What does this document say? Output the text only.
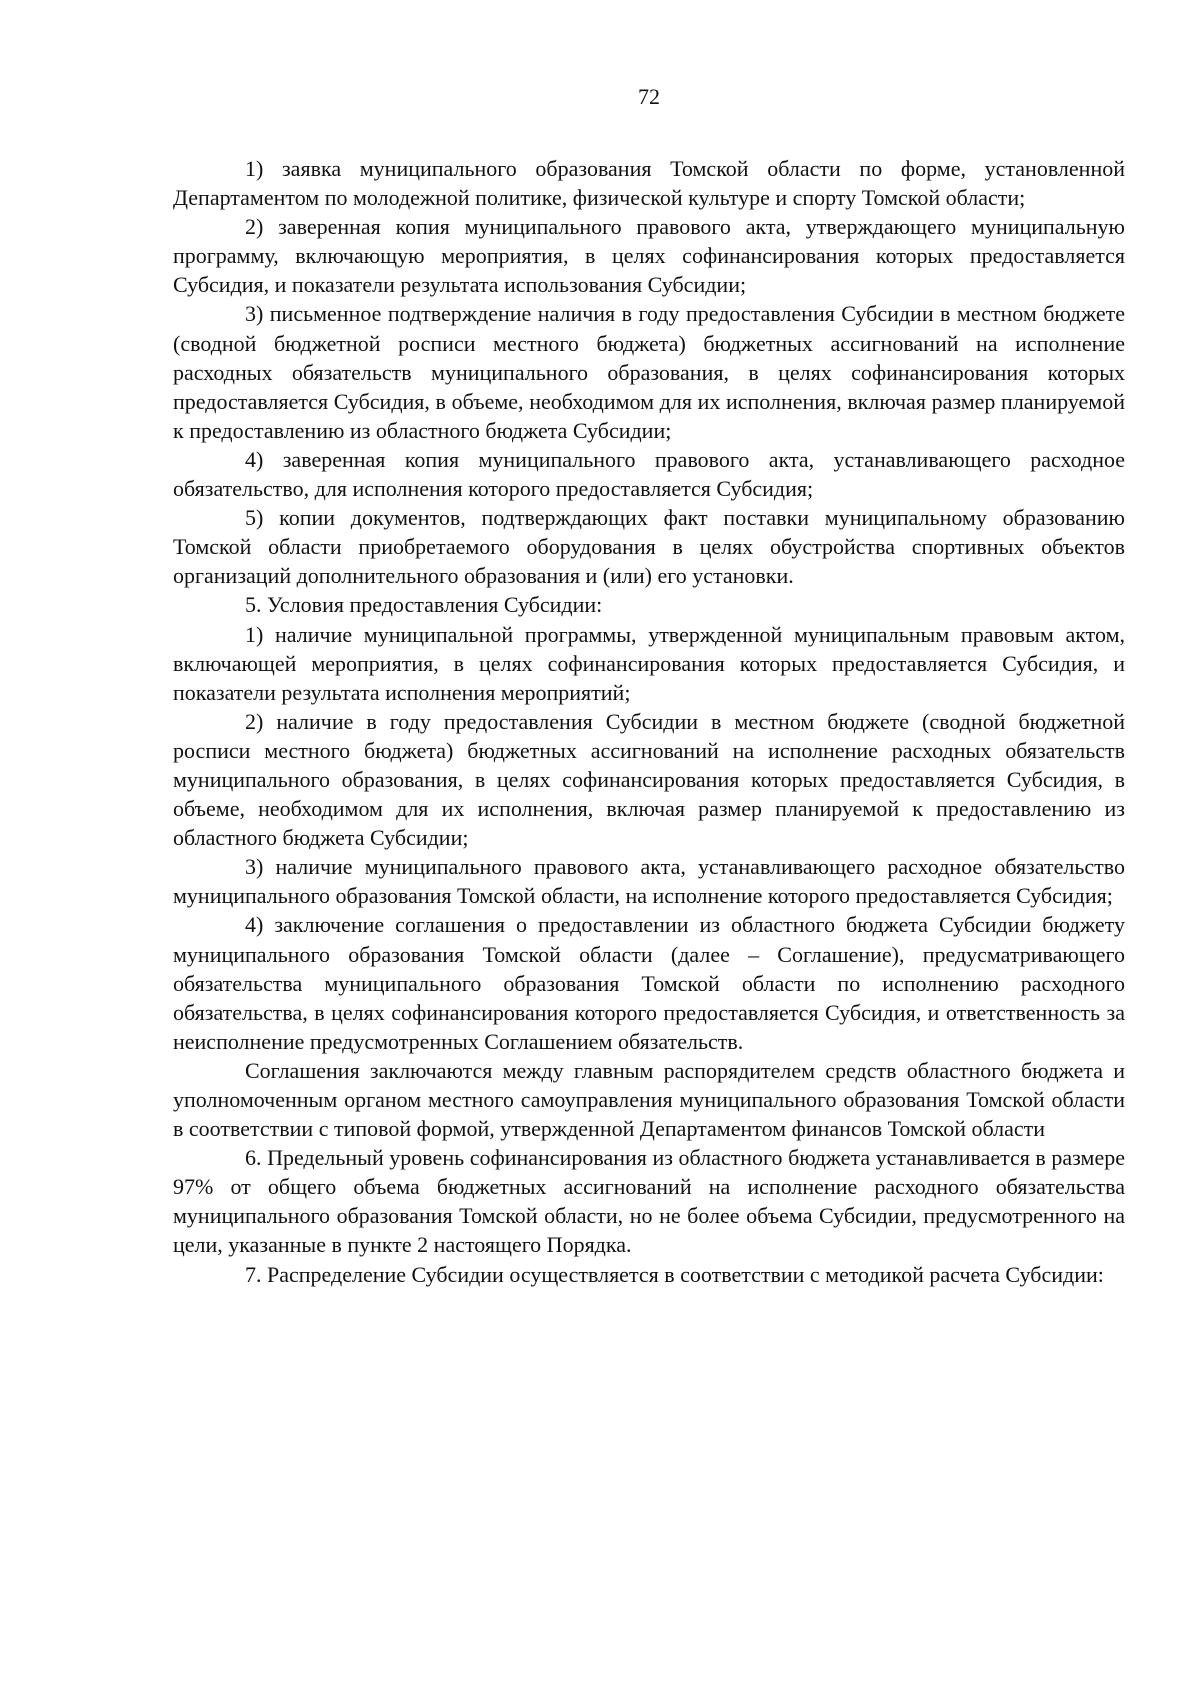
72

1) заявка муниципального образования Томской области по форме, установленной Департаментом по молодежной политике, физической культуре и спорту Томской области;

2) заверенная копия муниципального правового акта, утверждающего муниципальную программу, включающую мероприятия, в целях софинансирования которых предоставляется Субсидия, и показатели результата использования Субсидии;

3) письменное подтверждение наличия в году предоставления Субсидии в местном бюджете (сводной бюджетной росписи местного бюджета) бюджетных ассигнований на исполнение расходных обязательств муниципального образования, в целях софинансирования которых предоставляется Субсидия, в объеме, необходимом для их исполнения, включая размер планируемой к предоставлению из областного бюджета Субсидии;

4) заверенная копия муниципального правового акта, устанавливающего расходное обязательство, для исполнения которого предоставляется Субсидия;

5) копии документов, подтверждающих факт поставки муниципальному образованию Томской области приобретаемого оборудования в целях обустройства спортивных объектов организаций дополнительного образования и (или) его установки.

5. Условия предоставления Субсидии:

1) наличие муниципальной программы, утвержденной муниципальным правовым актом, включающей мероприятия, в целях софинансирования которых предоставляется Субсидия, и показатели результата исполнения мероприятий;

2) наличие в году предоставления Субсидии в местном бюджете (сводной бюджетной росписи местного бюджета) бюджетных ассигнований на исполнение расходных обязательств муниципального образования, в целях софинансирования которых предоставляется Субсидия, в объеме, необходимом для их исполнения, включая размер планируемой к предоставлению из областного бюджета Субсидии;

3) наличие муниципального правового акта, устанавливающего расходное обязательство муниципального образования Томской области, на исполнение которого предоставляется Субсидия;

4) заключение соглашения о предоставлении из областного бюджета Субсидии бюджету муниципального образования Томской области (далее – Соглашение), предусматривающего обязательства муниципального образования Томской области по исполнению расходного обязательства, в целях софинансирования которого предоставляется Субсидия, и ответственность за неисполнение предусмотренных Соглашением обязательств.

Соглашения заключаются между главным распорядителем средств областного бюджета и уполномоченным органом местного самоуправления муниципального образования Томской области в соответствии с типовой формой, утвержденной Департаментом финансов Томской области

6. Предельный уровень софинансирования из областного бюджета устанавливается в размере 97% от общего объема бюджетных ассигнований на исполнение расходного обязательства муниципального образования Томской области, но не более объема Субсидии, предусмотренного на цели, указанные в пункте 2 настоящего Порядка.

7. Распределение Субсидии осуществляется в соответствии с методикой расчета Субсидии:
